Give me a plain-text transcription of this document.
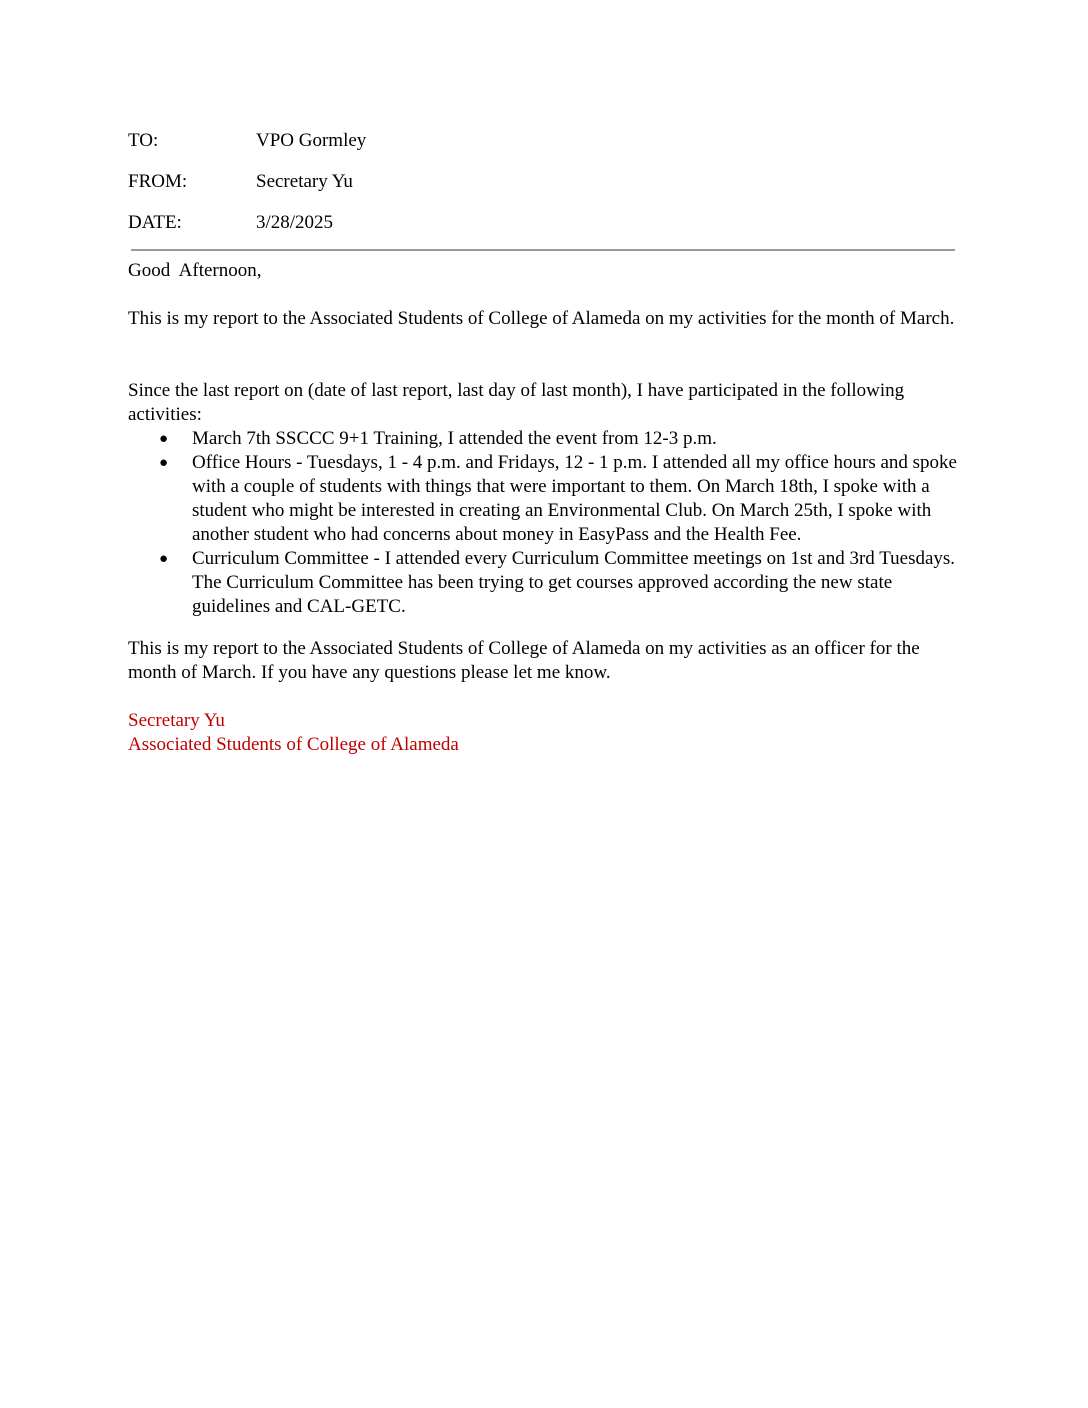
TO:	VPO Gormley
FROM:	Secretary Yu
DATE:	3/28/2025

Good  Afternoon,

This is my report to the Associated Students of College of Alameda on my activities for the month of March.

Since the last report on (date of last report, last day of last month), I have participated in the following activities:

● March 7th SSCCC 9+1 Training, I attended the event from 12-3 p.m.
● Office Hours - Tuesdays, 1 - 4 p.m. and Fridays, 12 - 1 p.m. I attended all my office hours and spoke with a couple of students with things that were important to them. On March 18th, I spoke with a student who might be interested in creating an Environmental Club. On March 25th, I spoke with another student who had concerns about money in EasyPass and the Health Fee.
● Curriculum Committee - I attended every Curriculum Committee meetings on 1st and 3rd Tuesdays. The Curriculum Committee has been trying to get courses approved according the new state guidelines and CAL-GETC.

This is my report to the Associated Students of College of Alameda on my activities as an officer for the month of March. If you have any questions please let me know.

Secretary Yu
Associated Students of College of Alameda
